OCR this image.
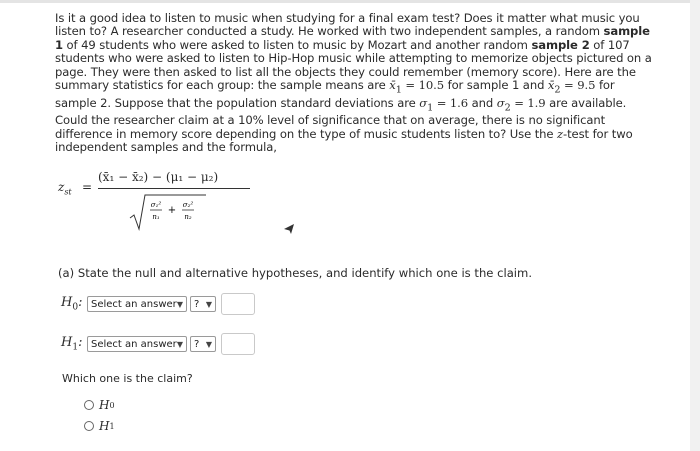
Is it a good idea to listen to music when studying for a final exam test? Does it matter what music you listen to? A researcher conducted a study. He worked with two independent samples, a random sample 1 of 49 students who were asked to listen to music by Mozart and another random sample 2 of 107 students who were asked to listen to Hip-Hop music while attempting to memorize objects pictured on a page. They were then asked to list all the objects they could remember (memory score). Here are the summary statistics for each group: the sample means are $x̄_1 = 10.5$ for sample 1 and $x̄_2 = 9.5$ for sample 2. Suppose that the population standard deviations are $\sigma_1 = 1.6$ and $\sigma_2 = 1.9$ are available. Could the researcher claim at a 10% level of significance that on average, there is no significant difference in memory score depending on the type of music students listen to? Use the z-test for two independent samples and the formula,
$z_{st}$ =
(x̄₁ − x̄₂) − (μ₁ − μ₂)
σ₁²
n₁
+ σ₂²
n₂
(a) State the null and alternative hypotheses, and identify which one is the claim.
$H_0$: Select an answer ▼ ? ▼
$H_1$: Select an answer ▼ ? ▼
Which one is the claim?
H 0
H 1
